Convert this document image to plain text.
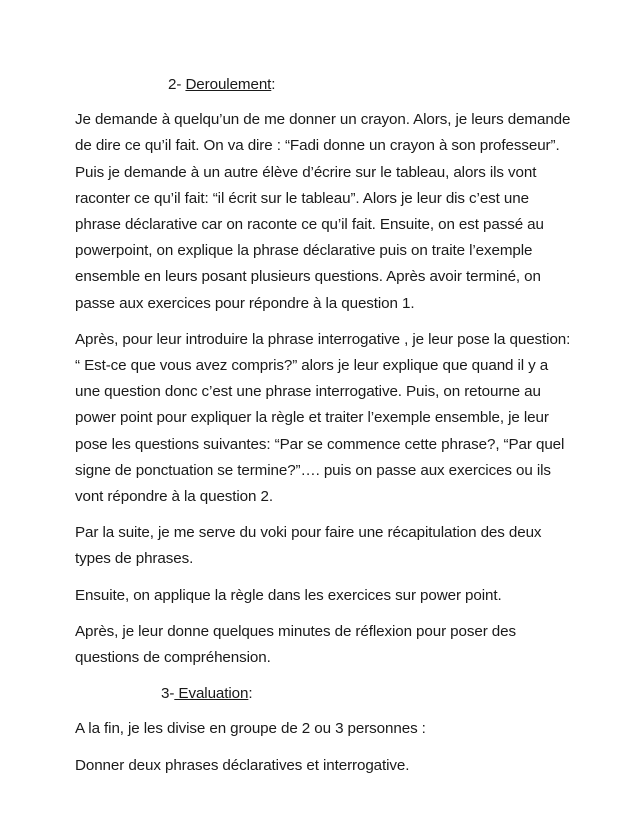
2- Deroulement:

Je demande à quelqu’un de me donner un crayon. Alors, je leurs demande de dire ce qu’il fait. On va dire : “Fadi donne un crayon à son professeur”. Puis je demande à un autre élève d’écrire sur le tableau, alors ils vont raconter ce qu’il fait: “il écrit sur le tableau”. Alors je leur dis c’est une phrase déclarative car on raconte ce qu’il fait. Ensuite, on est passé au powerpoint, on explique la phrase déclarative puis on traite l’exemple ensemble en leurs posant plusieurs questions. Après avoir terminé, on passe aux exercices pour répondre à la question 1.

Après, pour leur introduire la phrase interrogative , je leur pose la question: “ Est-ce que vous avez compris?” alors je leur explique que quand il y a une question donc c’est une phrase interrogative. Puis, on retourne au power point pour expliquer la règle et traiter l’exemple ensemble, je leur pose les questions suivantes: “Par se commence cette phrase?, “Par quel signe de ponctuation se termine?”…. puis on passe aux exercices ou ils vont répondre à la question 2.

Par la suite, je me serve du voki pour faire une récapitulation des deux types de phrases.

Ensuite, on applique la règle dans les exercices sur power point.

Après, je leur donne quelques minutes de réflexion pour poser des questions de compréhension.

3- Evaluation:

A la fin, je les divise en groupe de 2 ou 3 personnes :

Donner deux phrases déclaratives et interrogative.
